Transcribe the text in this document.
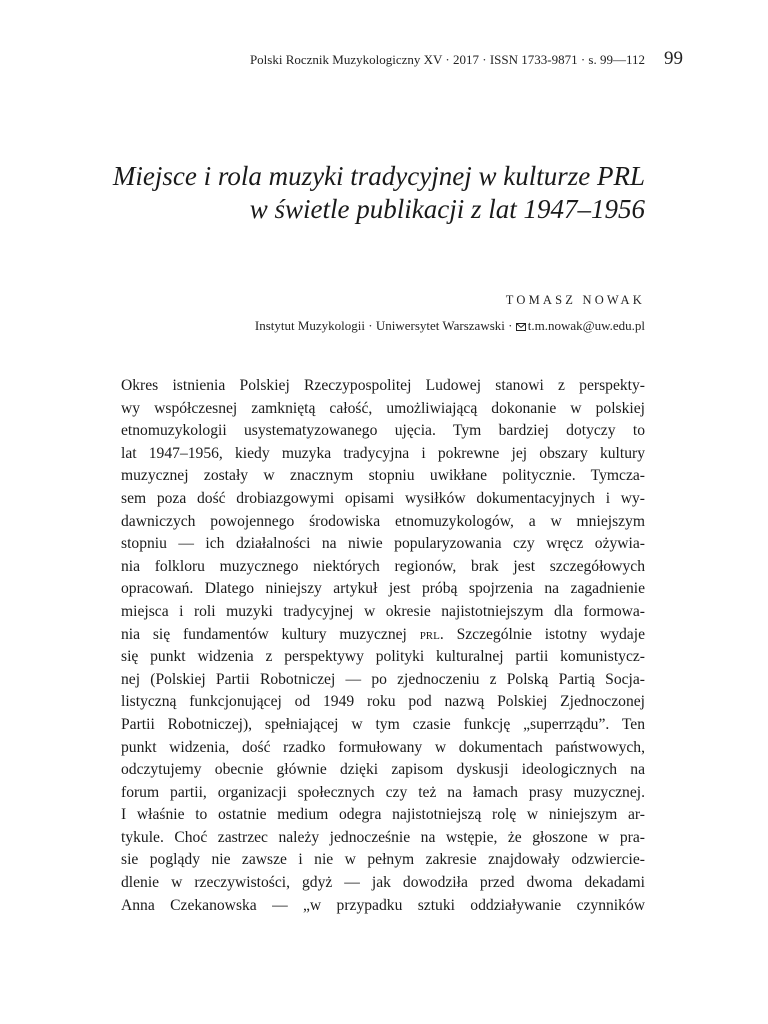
Polski Rocznik Muzykologiczny XV · 2017 · ISSN 1733-9871 · s. 99—112 99
Miejsce i rola muzyki tradycyjnej w kulturze PRL
w świetle publikacji z lat 1947–1956
TOMASZ NOWAK
Instytut Muzykologii · Uniwersytet Warszawski · t.m.nowak@uw.edu.pl
Okres istnienia Polskiej Rzeczypospolitej Ludowej stanowi z perspekty-
wy współczesnej zamkniętą całość, umożliwiającą dokonanie w polskiej
etnomuzykologii usystematyzowanego ujęcia. Tym bardziej dotyczy to
lat 1947–1956, kiedy muzyka tradycyjna i pokrewne jej obszary kultury
muzycznej zostały w znacznym stopniu uwikłane politycznie. Tymcza-
sem poza dość drobiazgowymi opisami wysiłków dokumentacyjnych i wy-
dawniczych powojennego środowiska etnomuzykologów, a w mniejszym
stopniu — ich działalności na niwie popularyzowania czy wręcz ożywia-
nia folkloru muzycznego niektórych regionów, brak jest szczegółowych
opracowań. Dlatego niniejszy artykuł jest próbą spojrzenia na zagadnienie
miejsca i roli muzyki tradycyjnej w okresie najistotniejszym dla formowa-
nia się fundamentów kultury muzycznej prl. Szczególnie istotny wydaje
się punkt widzenia z perspektywy polityki kulturalnej partii komunistycz-
nej (Polskiej Partii Robotniczej — po zjednoczeniu z Polską Partią Socja-
listyczną funkcjonującej od 1949 roku pod nazwą Polskiej Zjednoczonej
Partii Robotniczej), spełniającej w tym czasie funkcję „superrządu”. Ten
punkt widzenia, dość rzadko formułowany w dokumentach państwowych,
odczytujemy obecnie głównie dzięki zapisom dyskusji ideologicznych na
forum partii, organizacji społecznych czy też na łamach prasy muzycznej.
I właśnie to ostatnie medium odegra najistotniejszą rolę w niniejszym ar-
tykule. Choć zastrzec należy jednocześnie na wstępie, że głoszone w pra-
sie poglądy nie zawsze i nie w pełnym zakresie znajdowały odzwiercie-
dlenie w rzeczywistości, gdyż — jak dowodziła przed dwoma dekadami
Anna Czekanowska — „w przypadku sztuki oddziaływanie czynników
